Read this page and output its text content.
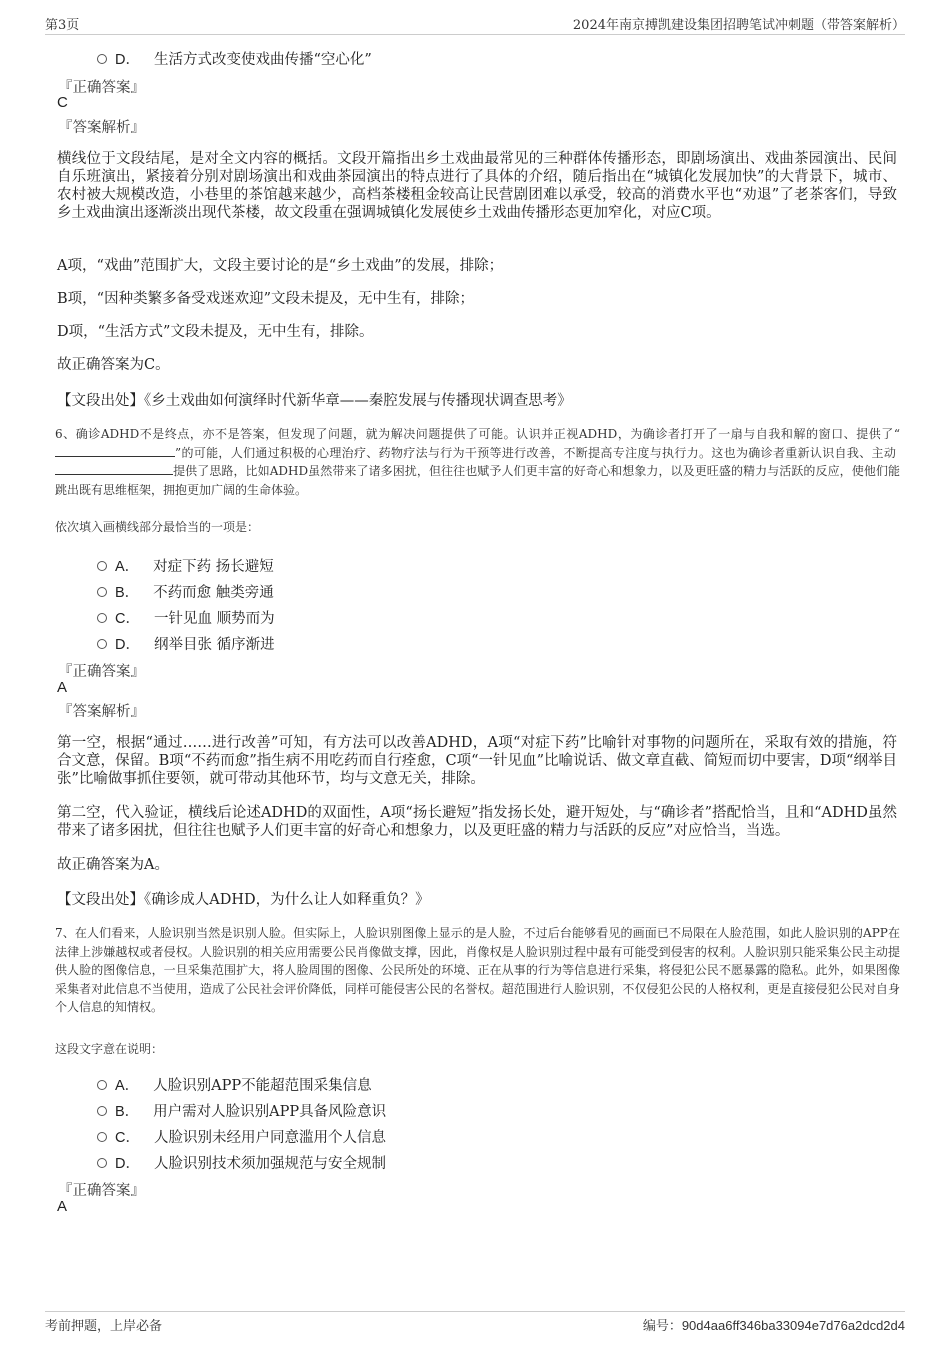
第3页	2024年南京搏凯建设集团招聘笔试冲刺题（带答案解析）
D． 生活方式改变使戏曲传播“空心化”
『正确答案』
C
『答案解析』
横线位于文段结尾，是对全文内容的概括。文段开篇指出乡土戏曲最常见的三种群体传播形态，即剧场演出、戏曲茶园演出、民间自乐班演出，紧接着分别对剧场演出和戏曲茶园演出的特点进行了具体的介绍，随后指出在“城镇化发展加快”的大背景下，城市、农村被大规模改造，小巷里的茶馆越来越少，高档茶楼租金较高让民营剧团难以承受，较高的消费水平也“劝退”了老茶客们，导致乡土戏曲演出逐渐淡出现代茶楼，故文段重在强调城镇化发展使乡土戏曲传播形态更加窄化，对应C项。
A项，“戏曲”范围扩大，文段主要讨论的是“乡土戏曲”的发展，排除；
B项，“因种类繁多备受戏迷欢迎”文段未提及，无中生有，排除；
D项，“生活方式”文段未提及，无中生有，排除。
故正确答案为C。
【文段出处】《乡土戏曲如何演绎时代新华章——秦腔发展与传播现状调查思考》
6、确诊ADHD不是终点，亦不是答案，但发现了问题，就为解决问题提供了可能。认识并正视ADHD，为确诊者打开了一扇与自我和解的窗口、提供了“”的可能，人们通过积极的心理治疗、药物疗法与行为干预等进行改善，不断提高专注度与执行力。这也为确诊者重新认识自我、主动 提供了思路，比如ADHD虽然带来了诸多困扰，但往往也赋予人们更丰富的好奇心和想象力，以及更旺盛的精力与活跃的反应，使他们能跳出既有思维框架，拥抱更加广阔的生命体验。
依次填入画横线部分最恰当的一项是：
A． 对症下药 扬长避短
B． 不药而愈 触类旁通
C． 一针见血 顺势而为
D． 纲举目张 循序渐进
『正确答案』
A
『答案解析』
第一空，根据“通过……进行改善”可知，有方法可以改善ADHD，A项“对症下药”比喻针对事物的问题所在，采取有效的措施，符合文意，保留。B项“不药而愈”指生病不用吃药而自行痊愈，C项“一针见血”比喻说话、做文章直截、简短而切中要害，D项“纲举目张”比喻做事抓住要领，就可带动其他环节，均与文意无关，排除。
第二空，代入验证，横线后论述ADHD的双面性，A项“扬长避短”指发扬长处，避开短处，与“确诊者”搭配恰当，且和“ADHD虽然带来了诸多困扰，但往往也赋予人们更丰富的好奇心和想象力，以及更旺盛的精力与活跃的反应”对应恰当，当选。
故正确答案为A。
【文段出处】《确诊成人ADHD，为什么让人如释重负？》
7、在人们看来，人脸识别当然是识别人脸。但实际上，人脸识别图像上显示的是人脸，不过后台能够看见的画面已不局限在人脸范围，如此人脸识别的APP在法律上涉嫌越权或者侵权。人脸识别的相关应用需要公民肖像做支撑，因此，肖像权是人脸识别过程中最有可能受到侵害的权利。人脸识别只能采集公民主动提供人脸的图像信息，一旦采集范围扩大，将人脸周围的图像、公民所处的环境、正在从事的行为等信息进行采集，将侵犯公民不愿暴露的隐私。此外，如果图像采集者对此信息不当使用，造成了公民社会评价降低，同样可能侵害公民的名誉权。超范围进行人脸识别，不仅侵犯公民的人格权利，更是直接侵犯公民对自身个人信息的知情权。
这段文字意在说明：
A． 人脸识别APP不能超范围采集信息
B． 用户需对人脸识别APP具备风险意识
C． 人脸识别未经用户同意滥用个人信息
D． 人脸识别技术须加强规范与安全规制
『正确答案』
A
考前押题，上岸必备	编号：90d4aa6ff346ba33094e7d76a2dcd2d4
